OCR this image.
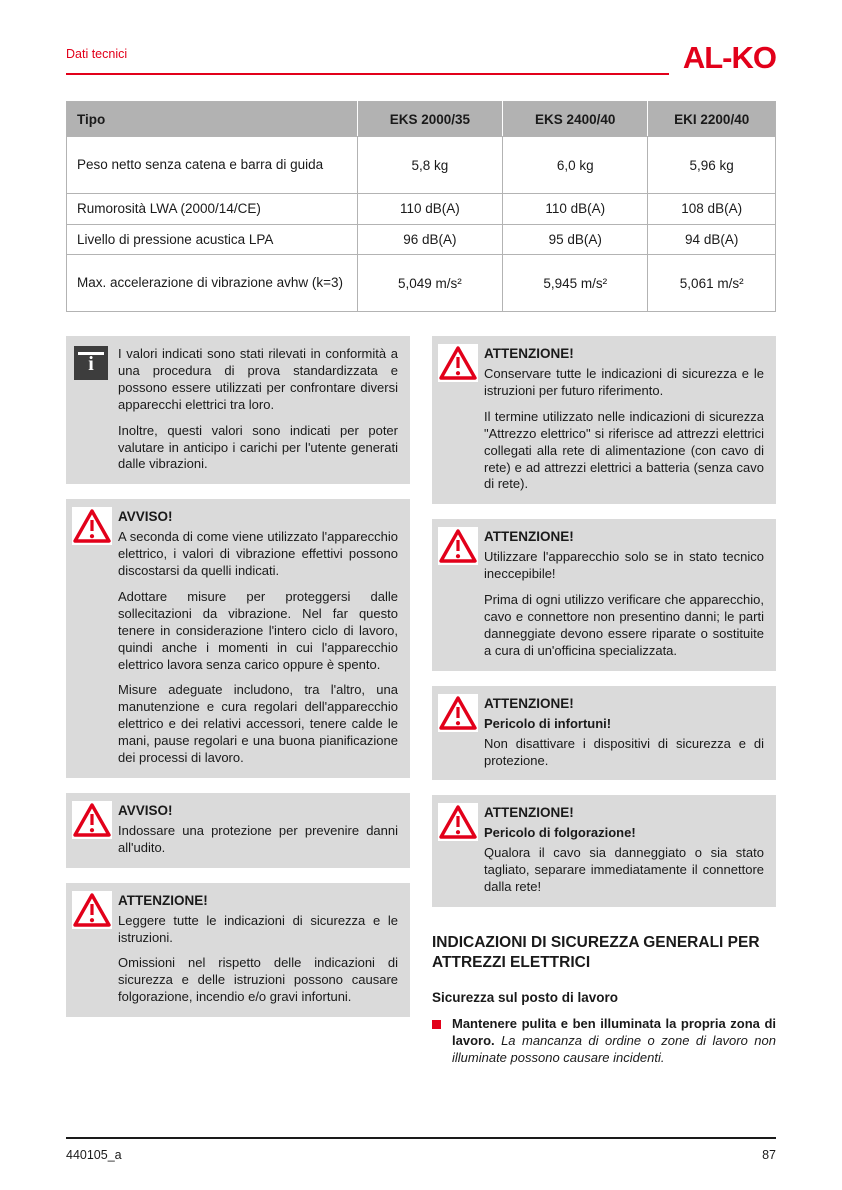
Dati tecnici	AL-KO
Tipo	EKS 2000/35	EKS 2400/40	EKI 2200/40
Peso netto senza catena e barra di guida	5,8 kg	6,0 kg	5,96 kg
Rumorosità LWA (2000/14/CE)	110 dB(A)	110 dB(A)	108 dB(A)
Livello di pressione acustica LPA	96 dB(A)	95 dB(A)	94 dB(A)
Max. accelerazione di vibrazione avhw (k=3)	5,049 m/s²	5,945 m/s²	5,061 m/s²
i	I valori indicati sono stati rilevati in conformità a una procedura di prova standardizzata e possono essere utilizzati per confrontare diversi apparecchi elettrici tra loro.

Inoltre, questi valori sono indicati per poter valutare in anticipo i carichi per l'utente generati dalle vibrazioni.

AVVISO!

A seconda di come viene utilizzato l'apparecchio elettrico, i valori di vibrazione effettivi possono discostarsi da quelli indicati.

Adottare misure per proteggersi dalle sollecitazioni da vibrazione. Nel far questo tenere in considerazione l'intero ciclo di lavoro, quindi anche i momenti in cui l'apparecchio elettrico lavora senza carico oppure è spento.

Misure adeguate includono, tra l'altro, una manutenzione e cura regolari dell'apparecchio elettrico e dei relativi accessori, tenere calde le mani, pause regolari e una buona pianificazione dei processi di lavoro.

AVVISO!

Indossare una protezione per prevenire danni all'udito.

ATTENZIONE!

Leggere tutte le indicazioni di sicurezza e le istruzioni.

Omissioni nel rispetto delle indicazioni di sicurezza e delle istruzioni possono causare folgorazione, incendio e/o gravi infortuni.

ATTENZIONE!

Conservare tutte le indicazioni di sicurezza e le istruzioni per futuro riferimento.

Il termine utilizzato nelle indicazioni di sicurezza "Attrezzo elettrico" si riferisce ad attrezzi elettrici collegati alla rete di alimentazione (con cavo di rete) e ad attrezzi elettrici a batteria (senza cavo di rete).

ATTENZIONE!

Utilizzare l'apparecchio solo se in stato tecnico ineccepibile!

Prima di ogni utilizzo verificare che apparecchio, cavo e connettore non presentino danni; le parti danneggiate devono essere riparate o sostituite a cura di un'officina specializzata.

ATTENZIONE!

Pericolo di infortuni!

Non disattivare i dispositivi di sicurezza e di protezione.

ATTENZIONE!

Pericolo di folgorazione!

Qualora il cavo sia danneggiato o sia stato tagliato, separare immediatamente il connettore dalla rete!

INDICAZIONI DI SICUREZZA GENERALI PER ATTREZZI ELETTRICI
Sicurezza sul posto di lavoro

Mantenere pulita e ben illuminata la propria zona di lavoro. La mancanza di ordine o zone di lavoro non illuminate possono causare incidenti.

440105_a	87
